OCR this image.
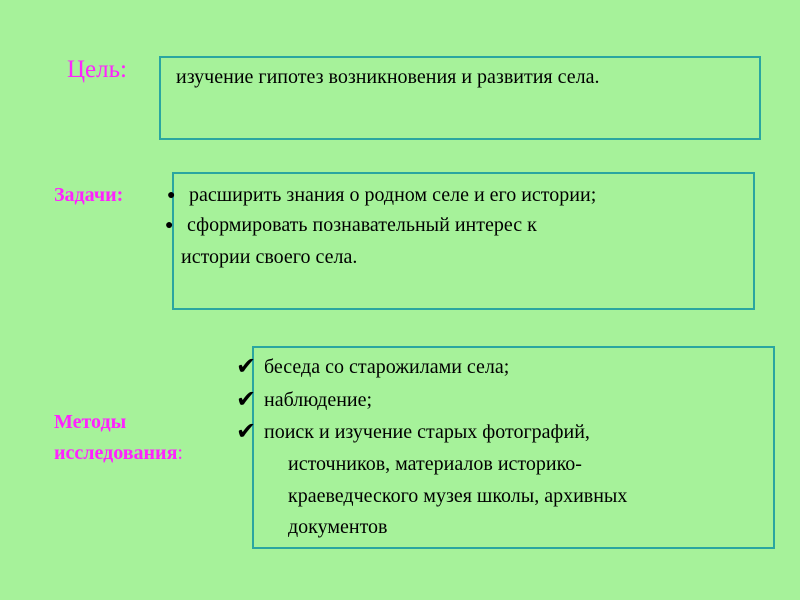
Цель: изучение гипотез возникновения и развития села.
Задачи:	● расширить знания о родном селе и его истории;
● сформировать познавательный интерес к
истории своего села.
Методы
исследования:
✔ беседа со старожилами села;
✔ наблюдение;
✔ поиск и изучение старых фотографий,
источников, материалов историко-
краеведческого музея школы, архивных
документов
